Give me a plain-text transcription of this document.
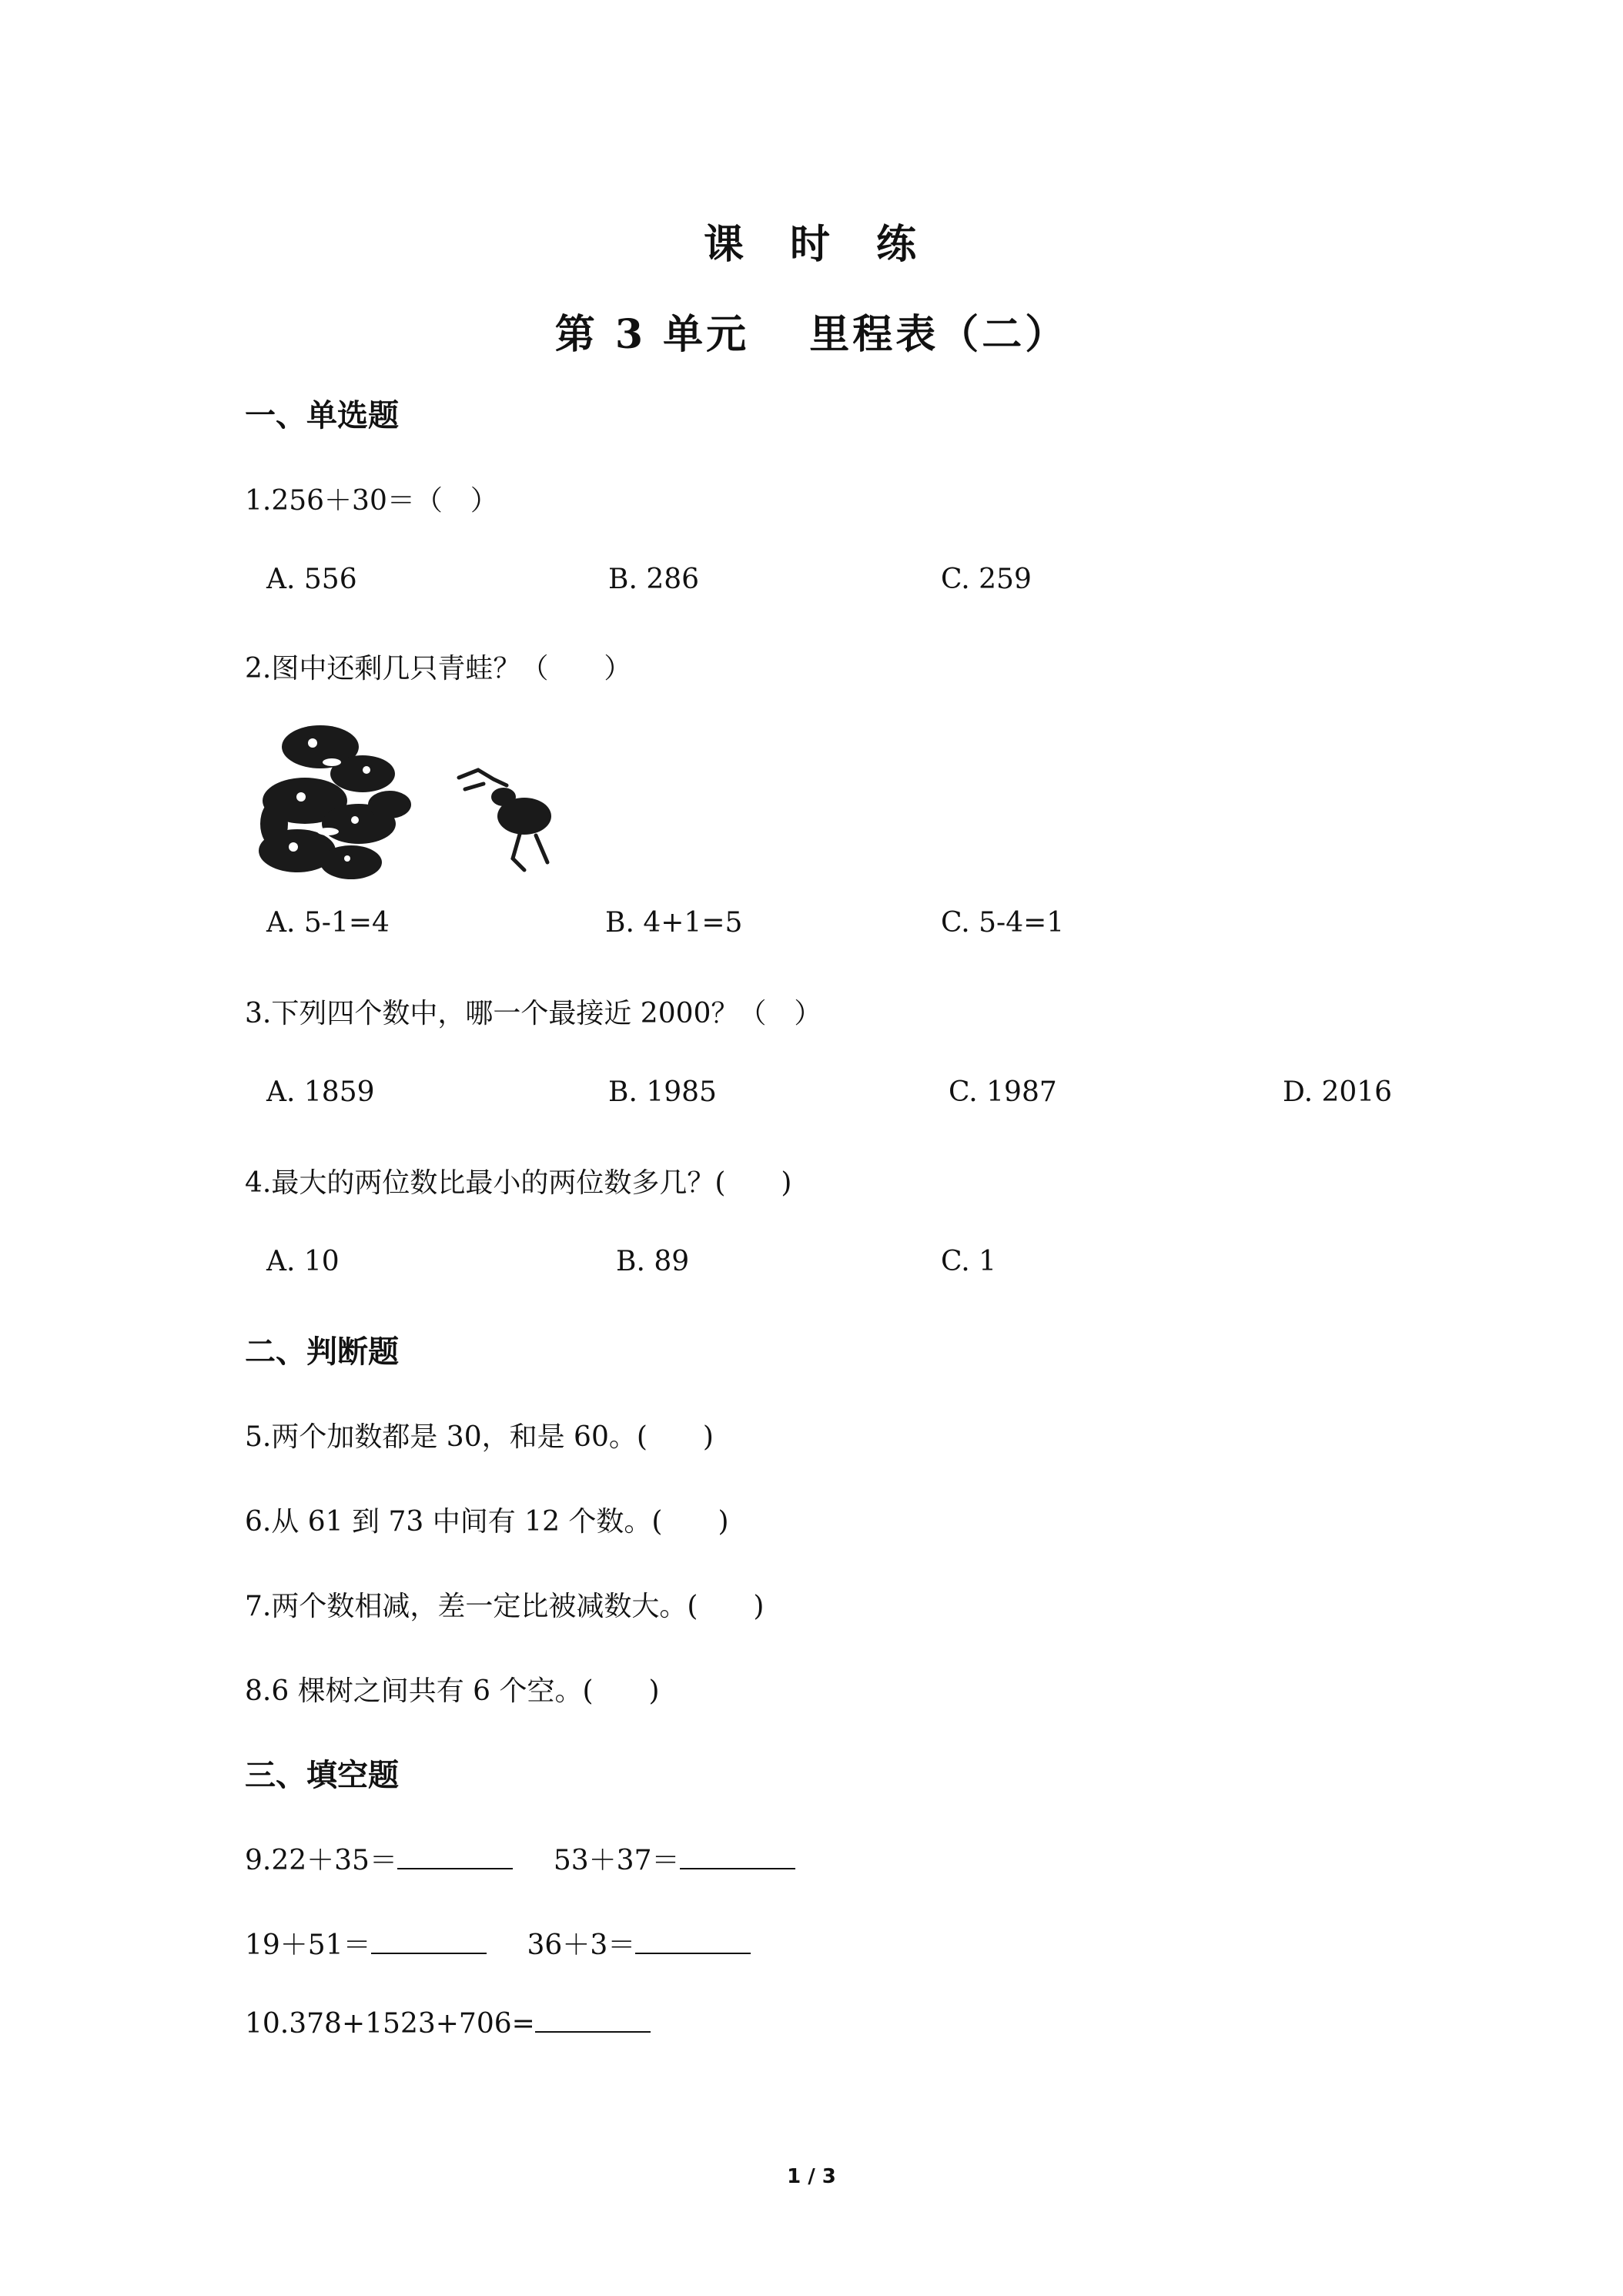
课　时　练
第 3 单元　 里程表（二）
一、单选题
1.256＋30＝（　）
A. 556	B. 286	C. 259
2.图中还剩几只青蛙？（　　）
A. 5-1=4	B. 4+1=5	C. 5-4=1
3.下列四个数中，哪一个最接近 2000？（　）
A. 1859	B. 1985	C. 1987	D. 2016
4.最大的两位数比最小的两位数多几？(　　)
A. 10	B. 89	C. 1
二、判断题
5.两个加数都是 30，和是 60。(　　)
6.从 61 到 73 中间有 12 个数。(　　)
7.两个数相减，差一定比被减数大。(　　)
8.6 棵树之间共有 6 个空。(　　)
三、填空题
9.22＋35＝	53＋37＝
19＋51＝	36＋3＝
10.378+1523+706=
1 / 3
